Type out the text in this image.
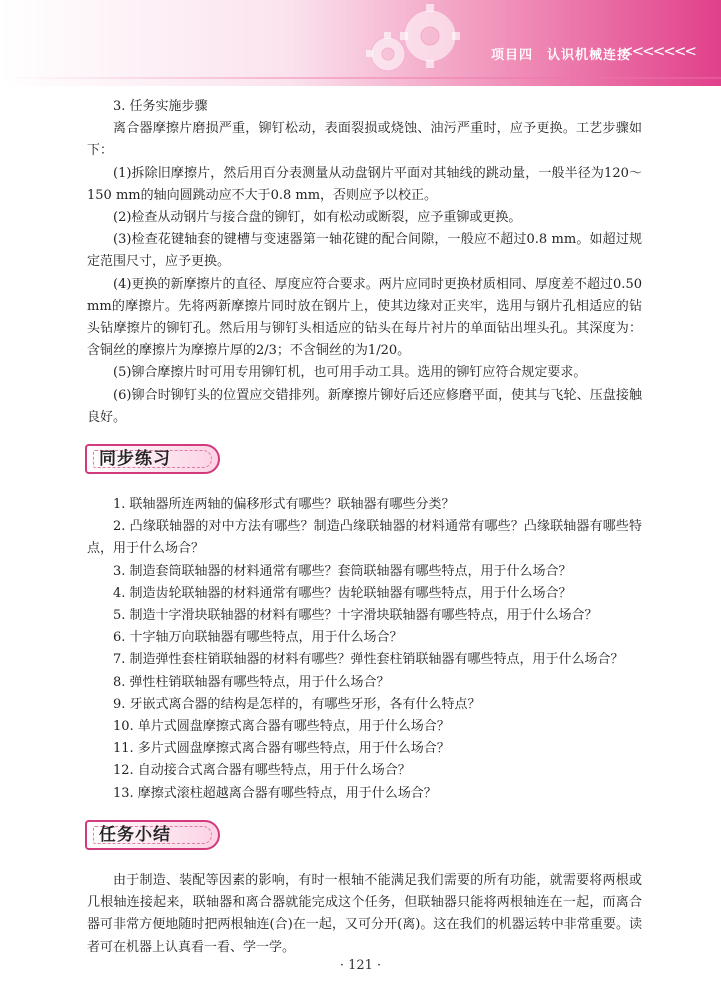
项目四　认识机械连接
<<<<<<<

3. 任务实施步骤

离合器摩擦片磨损严重，铆钉松动，表面裂损或烧蚀、油污严重时，应予更换。工艺步骤如下：

(1)拆除旧摩擦片，然后用百分表测量从动盘钢片平面对其轴线的跳动量，一般半径为120～150 mm的轴向圆跳动应不大于0.8 mm，否则应予以校正。

(2)检查从动钢片与接合盘的铆钉，如有松动或断裂，应予重铆或更换。

(3)检查花键轴套的键槽与变速器第一轴花键的配合间隙，一般应不超过0.8 mm。如超过规定范围尺寸，应予更换。

(4)更换的新摩擦片的直径、厚度应符合要求。两片应同时更换材质相同、厚度差不超过0.50 mm的摩擦片。先将两新摩擦片同时放在钢片上，使其边缘对正夹牢，选用与钢片孔相适应的钻头钻摩擦片的铆钉孔。然后用与铆钉头相适应的钻头在每片衬片的单面钻出埋头孔。其深度为：含铜丝的摩擦片为摩擦片厚的2/3；不含铜丝的为1/20。

(5)铆合摩擦片时可用专用铆钉机，也可用手动工具。选用的铆钉应符合规定要求。

(6)铆合时铆钉头的位置应交错排列。新摩擦片铆好后还应修磨平面，使其与飞轮、压盘接触良好。

同步练习

1. 联轴器所连两轴的偏移形式有哪些？联轴器有哪些分类？

2. 凸缘联轴器的对中方法有哪些？制造凸缘联轴器的材料通常有哪些？凸缘联轴器有哪些特点，用于什么场合？

3. 制造套筒联轴器的材料通常有哪些？套筒联轴器有哪些特点，用于什么场合？

4. 制造齿轮联轴器的材料通常有哪些？齿轮联轴器有哪些特点，用于什么场合？

5. 制造十字滑块联轴器的材料有哪些？十字滑块联轴器有哪些特点，用于什么场合？

6. 十字轴万向联轴器有哪些特点，用于什么场合？

7. 制造弹性套柱销联轴器的材料有哪些？弹性套柱销联轴器有哪些特点，用于什么场合？

8. 弹性柱销联轴器有哪些特点，用于什么场合？

9. 牙嵌式离合器的结构是怎样的，有哪些牙形，各有什么特点？

10. 单片式圆盘摩擦式离合器有哪些特点，用于什么场合？

11. 多片式圆盘摩擦式离合器有哪些特点，用于什么场合？

12. 自动接合式离合器有哪些特点，用于什么场合？

13. 摩擦式滚柱超越离合器有哪些特点，用于什么场合？

任务小结

由于制造、装配等因素的影响，有时一根轴不能满足我们需要的所有功能，就需要将两根或几根轴连接起来，联轴器和离合器就能完成这个任务，但联轴器只能将两根轴连在一起，而离合器可非常方便地随时把两根轴连(合)在一起，又可分开(离)。这在我们的机器运转中非常重要。读者可在机器上认真看一看、学一学。

· 121 ·
